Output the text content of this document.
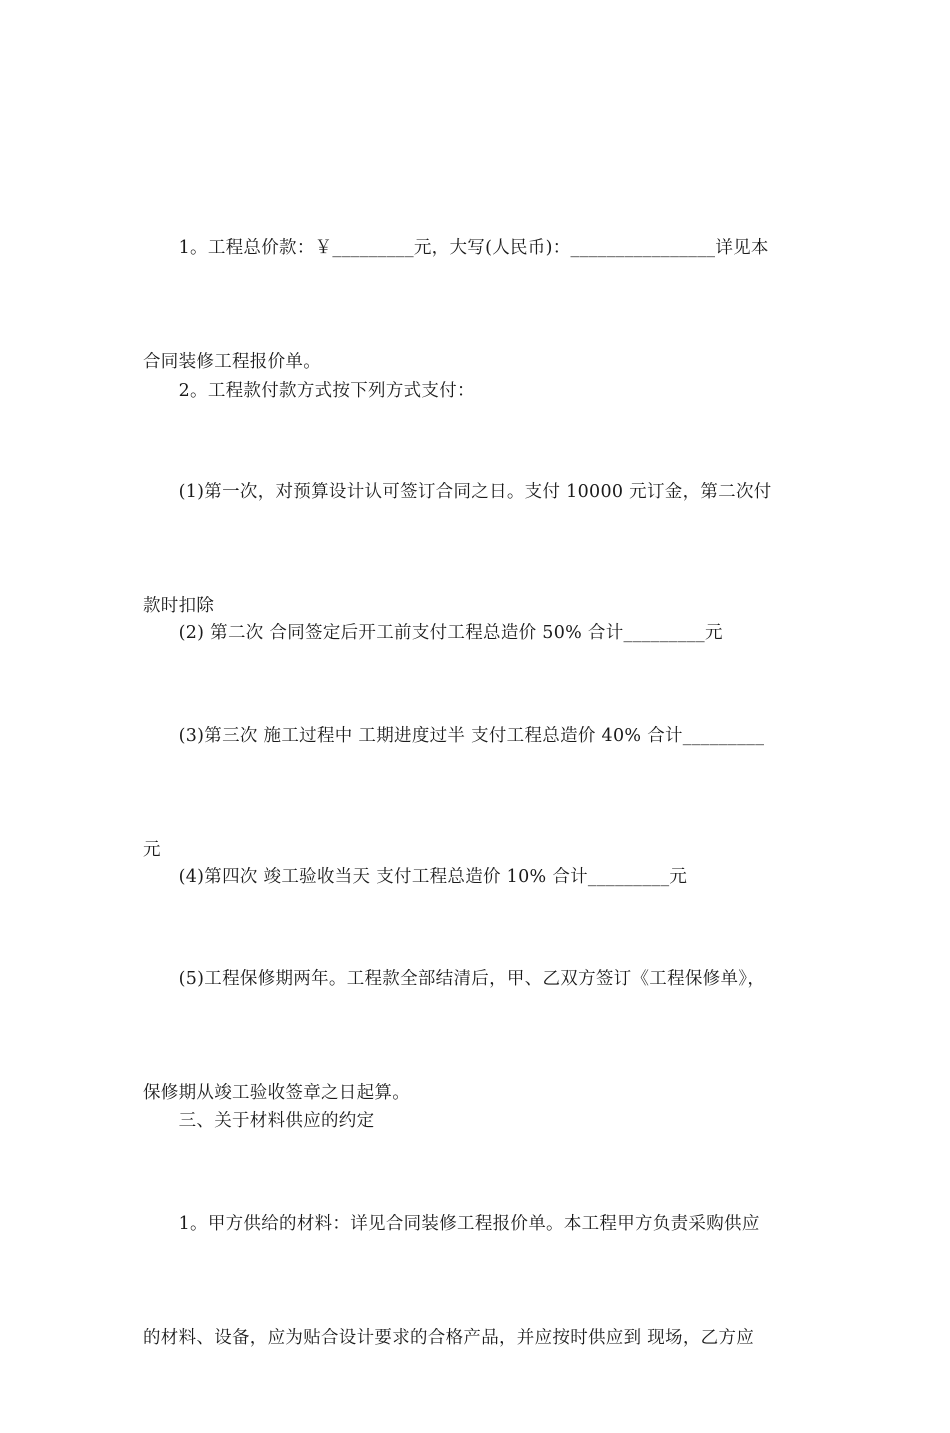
　　1。工程总价款：￥_________元，大写(人民币)：________________详见本

合同装修工程报价单。

　　2。工程款付款方式按下列方式支付：

　　(1)第一次，对预算设计认可签订合同之日。支付 10000 元订金，第二次付

款时扣除

　　(2) 第二次 合同签定后开工前支付工程总造价 50% 合计_________元

　　(3)第三次 施工过程中 工期进度过半 支付工程总造价 40% 合计_________

元

　　(4)第四次 竣工验收当天 支付工程总造价 10% 合计_________元

　　(5)工程保修期两年。工程款全部结清后，甲、乙双方签订《工程保修单》，

保修期从竣工验收签章之日起算。

　　三、关于材料供应的约定

　　1。甲方供给的材料：详见合同装修工程报价单。本工程甲方负责采购供应

的材料、设备，应为贴合设计要求的合格产品，并应按时供应到 现场，乙方应
